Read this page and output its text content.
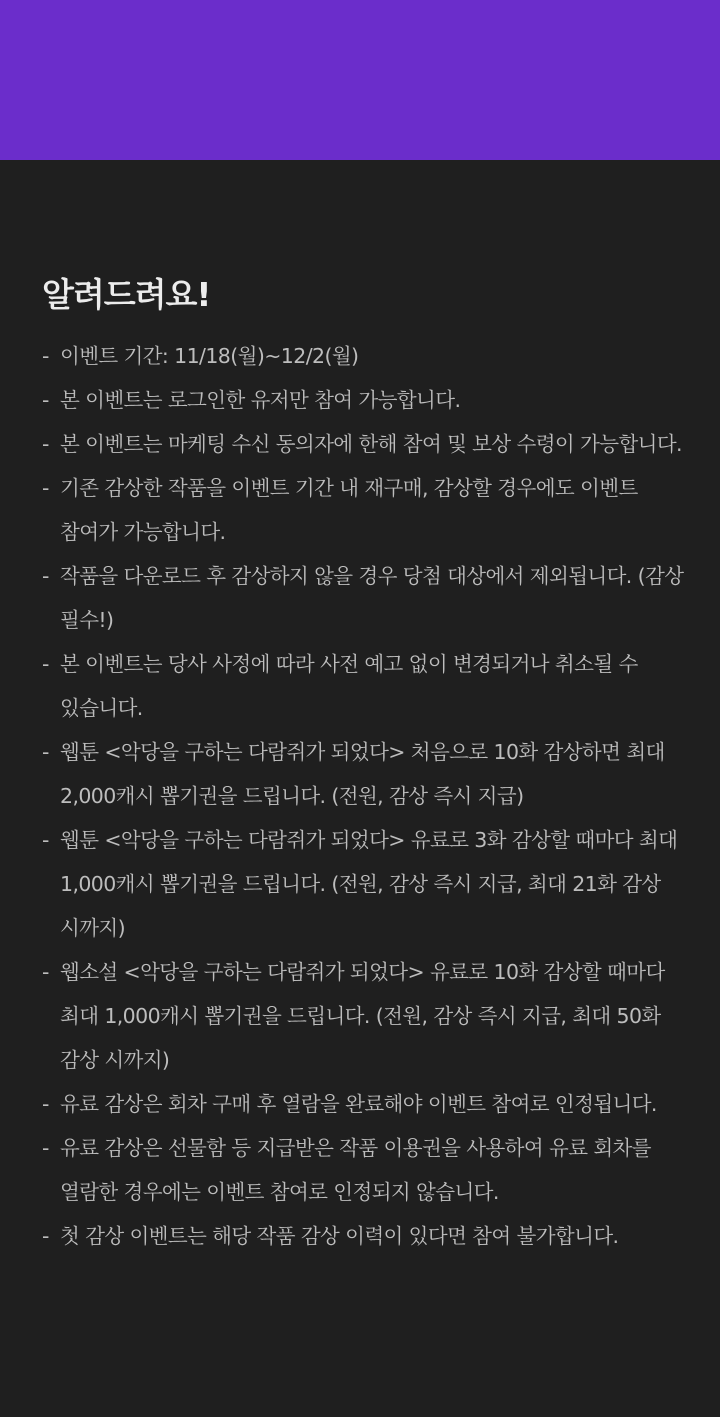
알려드려요!
- 이벤트 기간: 11/18(월)~12/2(월)
- 본 이벤트는 로그인한 유저만 참여 가능합니다.
- 본 이벤트는 마케팅 수신 동의자에 한해 참여 및 보상 수령이 가능합니다.
- 기존 감상한 작품을 이벤트 기간 내 재구매, 감상할 경우에도 이벤트 참여가 가능합니다.
- 작품을 다운로드 후 감상하지 않을 경우 당첨 대상에서 제외됩니다. (감상 필수!)
- 본 이벤트는 당사 사정에 따라 사전 예고 없이 변경되거나 취소될 수 있습니다.
- 웹툰 <악당을 구하는 다람쥐가 되었다> 처음으로 10화 감상하면 최대 2,000캐시 뽑기권을 드립니다. (전원, 감상 즉시 지급)
- 웹툰 <악당을 구하는 다람쥐가 되었다> 유료로 3화 감상할 때마다 최대 1,000캐시 뽑기권을 드립니다. (전원, 감상 즉시 지급, 최대 21화 감상 시까지)
- 웹소설 <악당을 구하는 다람쥐가 되었다> 유료로 10화 감상할 때마다 최대 1,000캐시 뽑기권을 드립니다. (전원, 감상 즉시 지급, 최대 50화 감상 시까지)
- 유료 감상은 회차 구매 후 열람을 완료해야 이벤트 참여로 인정됩니다.
- 유료 감상은 선물함 등 지급받은 작품 이용권을 사용하여 유료 회차를 열람한 경우에는 이벤트 참여로 인정되지 않습니다.
- 첫 감상 이벤트는 해당 작품 감상 이력이 있다면 참여 불가합니다.
